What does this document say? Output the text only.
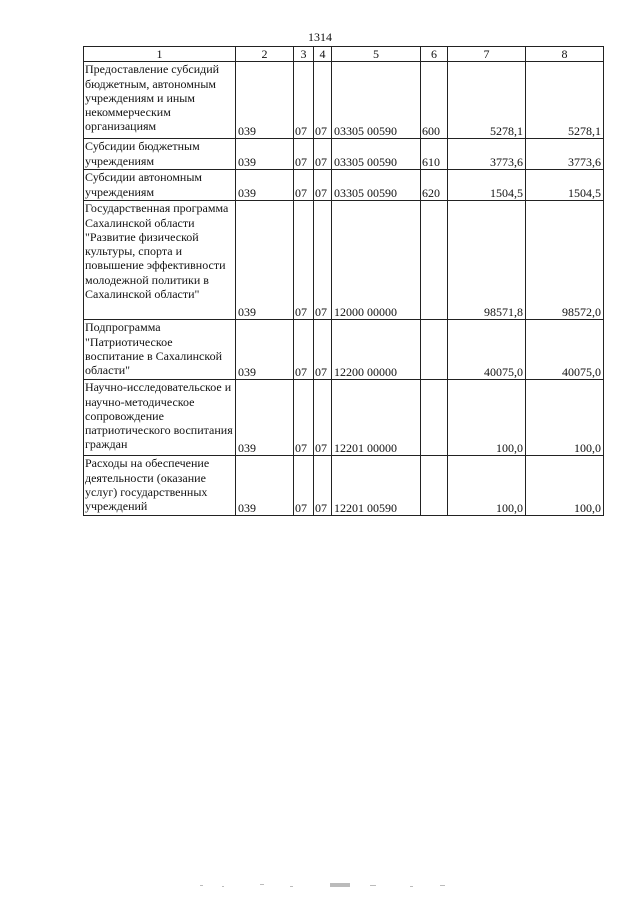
1314
1	2	3	4	5	6	7	8
Предоставление субсидий бюджетным, автономным учреждениям и иным некоммерческим организациям	039	07	07	03305 00590	600	5278,1	5278,1
Субсидии бюджетным учреждениям	039	07	07	03305 00590	610	3773,6	3773,6
Субсидии автономным учреждениям	039	07	07	03305 00590	620	1504,5	1504,5
Государственная программа Сахалинской области "Развитие физической культуры, спорта и повышение эффективности молодежной политики в Сахалинской области"	039	07	07	12000 00000		98571,8	98572,0
Подпрограмма "Патриотическое воспитание в Сахалинской области"	039	07	07	12200 00000		40075,0	40075,0
Научно-исследовательское и научно-методическое сопровождение патриотического воспитания граждан	039	07	07	12201 00000		100,0	100,0
Расходы на обеспечение деятельности (оказание услуг) государственных учреждений	039	07	07	12201 00590		100,0	100,0
